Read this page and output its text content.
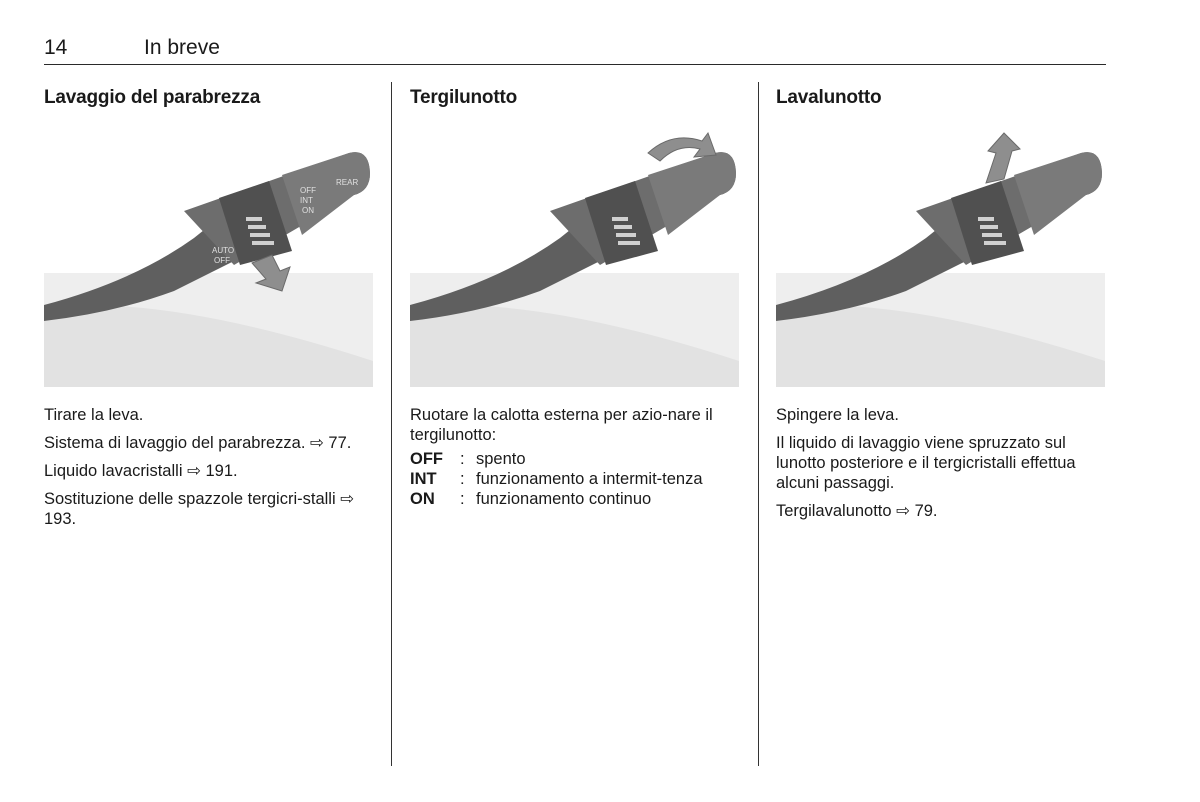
14	In breve
Lavaggio del parabrezza
OFF
INT
ON
REAR
AUTO
OFF

Tirare la leva.

Sistema di lavaggio del parabrezza. ⇨ 77.

Liquido lavacristalli ⇨ 191.

Sostituzione delle spazzole tergicri-stalli ⇨ 193.

Tergilunotto

Ruotare la calotta esterna per azio-nare il tergilunotto:

OFF	: spento
INT	: funzionamento a intermit-tenza
ON	: funzionamento continuo
Lavalunotto

Spingere la leva.

Il liquido di lavaggio viene spruzzato sul lunotto posteriore e il tergicristalli effettua alcuni passaggi.

Tergilavalunotto ⇨ 79.
